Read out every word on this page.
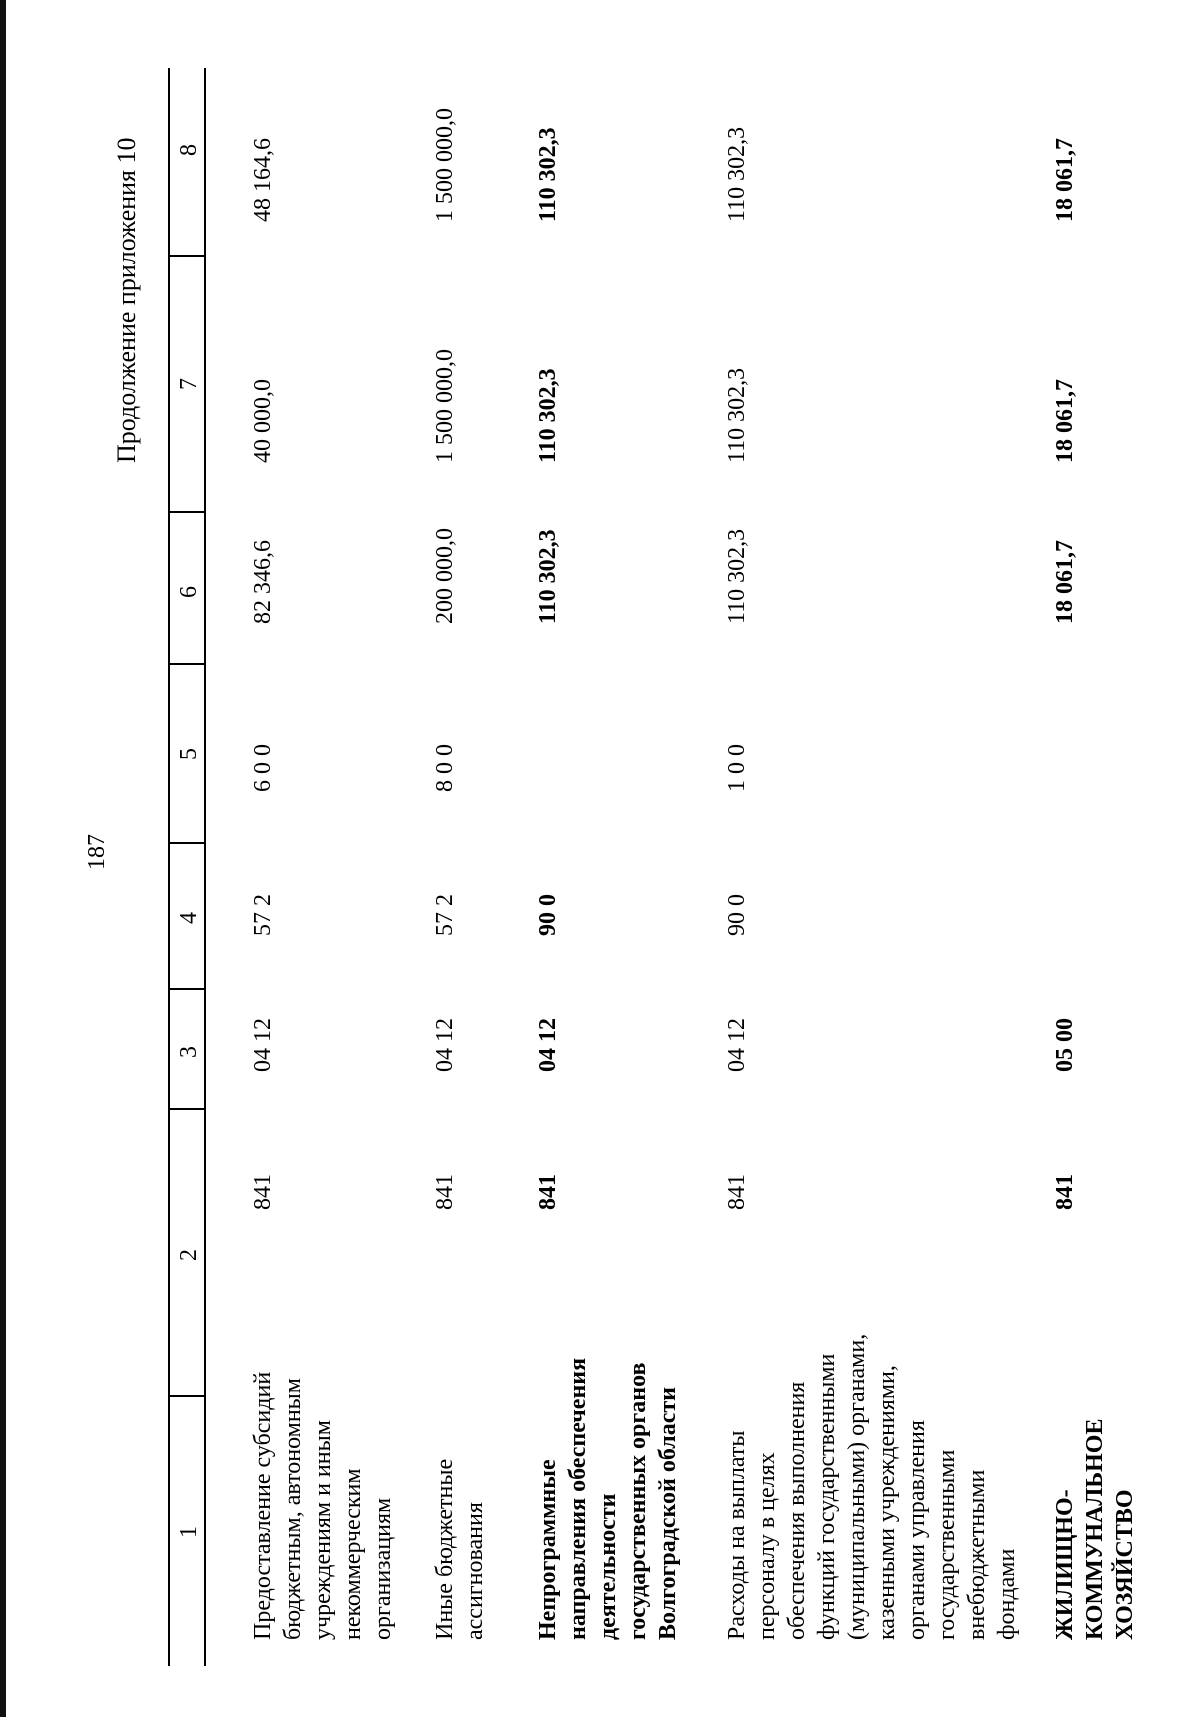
187
Продолжение приложения 10
1
2
3
4
5
6
7
8
Предоставление субсидий бюджетным, автономным учреждениям и иным некоммерческим организациям
841
04 12
57 2
6 0 0
82 346,6
40 000,0
48 164,6
Иные бюджетные ассигнования
841
04 12
57 2
8 0 0
200 000,0
1 500 000,0
1 500 000,0
Непрограммные направления обеспечения деятельности государственных органов Волгоградской области
841
04 12
90 0
110 302,3
110 302,3
110 302,3
Расходы на выплаты персоналу в целях обеспечения выполнения функций государственными (муниципальными) органами, казенными учреждениями, органами управления государственными внебюджетными фондами
841
04 12
90 0
1 0 0
110 302,3
110 302,3
110 302,3
ЖИЛИЩНО- КОММУНАЛЬНОЕ ХОЗЯЙСТВО
841
05 00
18 061,7
18 061,7
18 061,7
